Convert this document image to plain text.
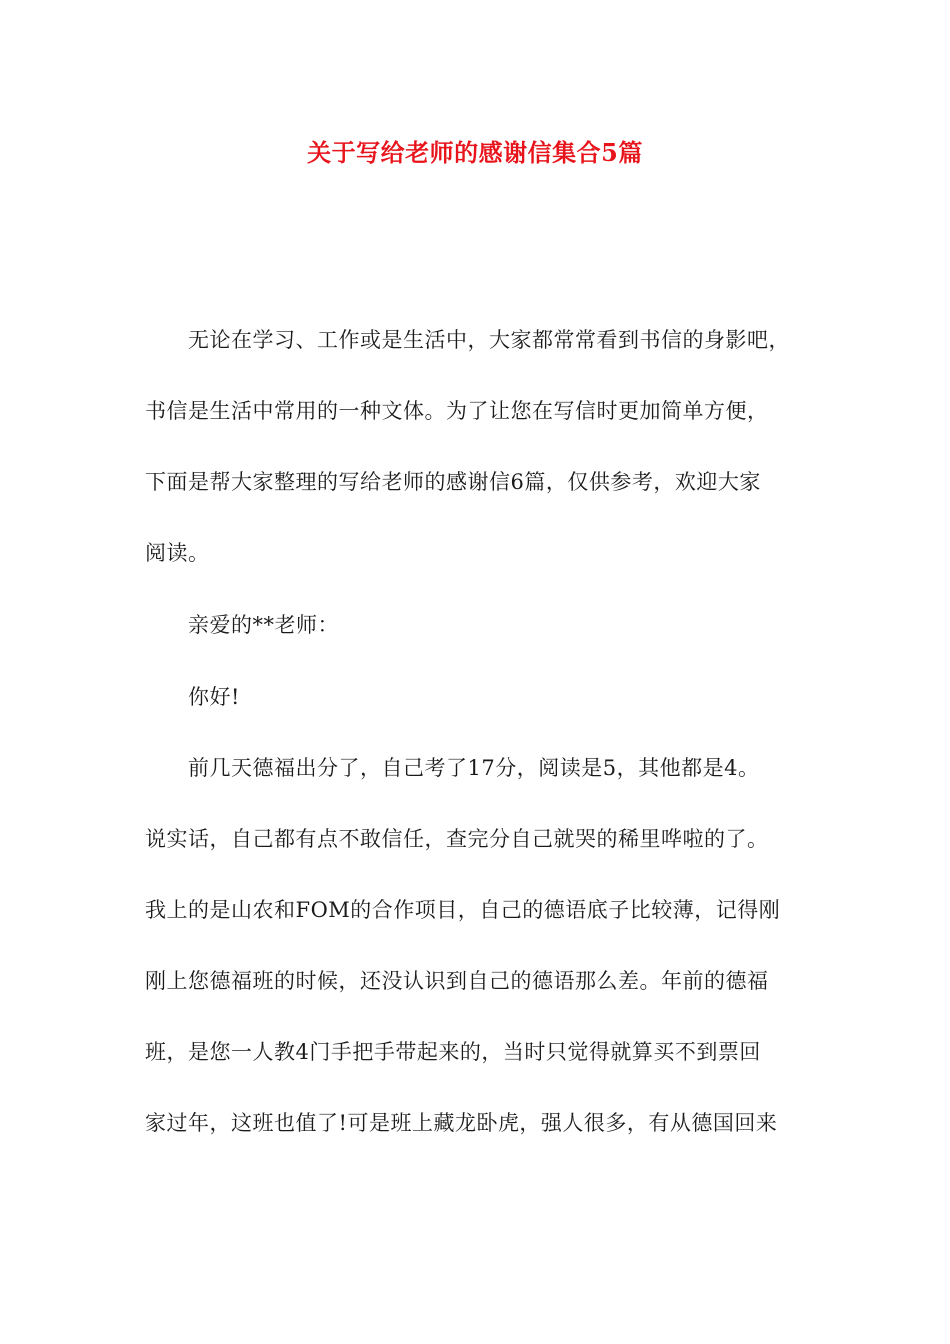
关于写给老师的感谢信集合5篇
无论在学习、工作或是生活中，大家都常常看到书信的身影吧，
书信是生活中常用的一种文体。为了让您在写信时更加简单方便，
下面是帮大家整理的写给老师的感谢信6篇，仅供参考，欢迎大家
阅读。
亲爱的**老师：
你好!
前几天德福出分了，自己考了17分，阅读是5，其他都是4。
说实话，自己都有点不敢信任，查完分自己就哭的稀里哗啦的了。
我上的是山农和FOM的合作项目，自己的德语底子比较薄，记得刚
刚上您德福班的时候，还没认识到自己的德语那么差。年前的德福
班，是您一人教4门手把手带起来的，当时只觉得就算买不到票回
家过年，这班也值了!可是班上藏龙卧虎，强人很多，有从德国回来
